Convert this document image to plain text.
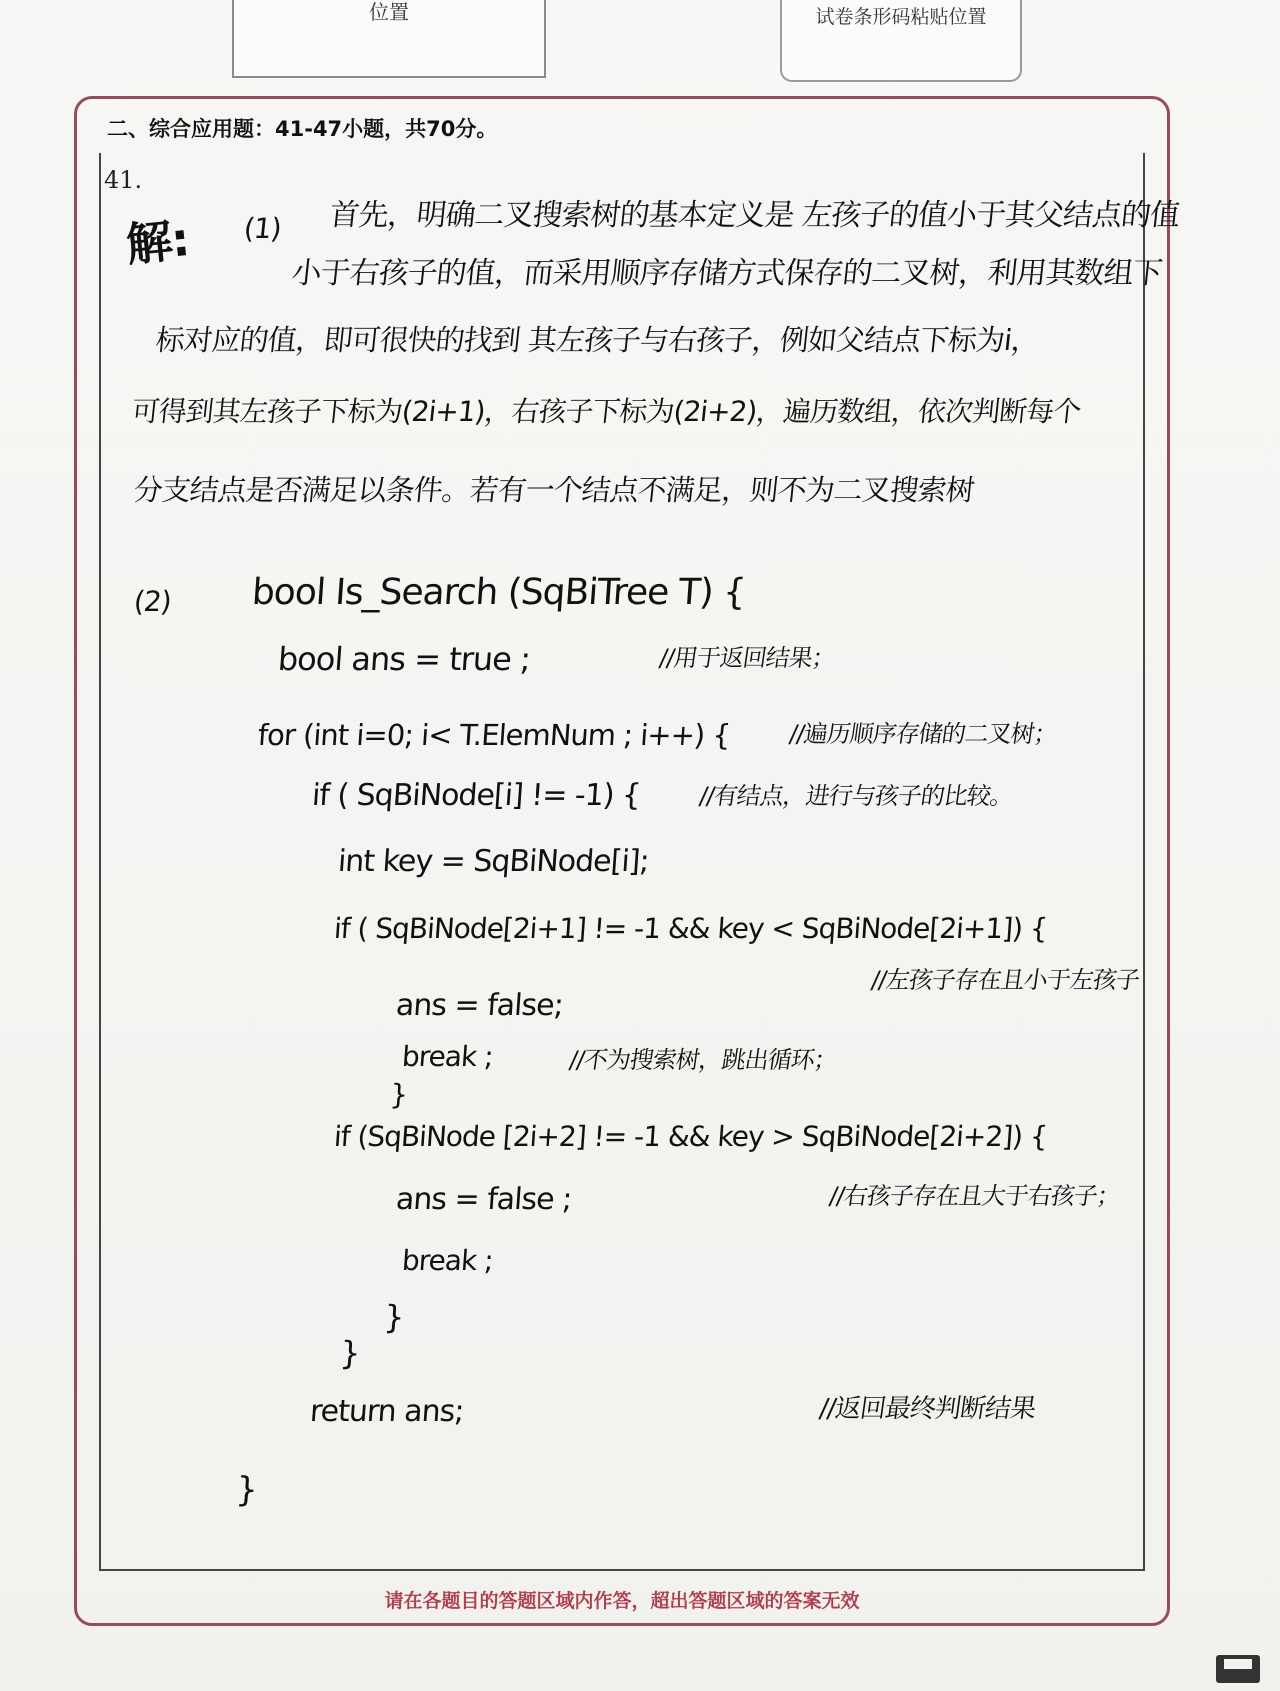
位置	试卷条形码粘贴位置
二、综合应用题：41-47小题，共70分。
请在各题目的答题区域内作答，超出答题区域的答案无效
41.
解: (1) 首先，明确二叉搜索树的基本定义是 左孩子的值小于其父结点的值
小于右孩子的值，而采用顺序存储方式保存的二叉树，利用其数组下
标对应的值，即可很快的找到 其左孩子与右孩子，例如父结点下标为i，
可得到其左孩子下标为(2i+1)，右孩子下标为(2i+2)，遍历数组，依次判断每个
分支结点是否满足以条件。若有一个结点不满足，则不为二叉搜索树
(2) bool Is_Search (SqBiTree T) {
bool ans = true ;	//用于返回结果；
for (int i=0; i< T.ElemNum ; i++) { //遍历顺序存储的二叉树；
if ( SqBiNode[i] != -1) { //有结点，进行与孩子的比较。
int key = SqBiNode[i];
if ( SqBiNode[2i+1] != -1 && key < SqBiNode[2i+1]) {
//左孩子存在且小于左孩子
ans = false;
break ;	//不为搜索树，跳出循环；
}
if (SqBiNode [2i+2] != -1 && key > SqBiNode[2i+2]) {
ans = false ;	//右孩子存在且大于右孩子；
break ;
}
}
return ans;	//返回最终判断结果
}
